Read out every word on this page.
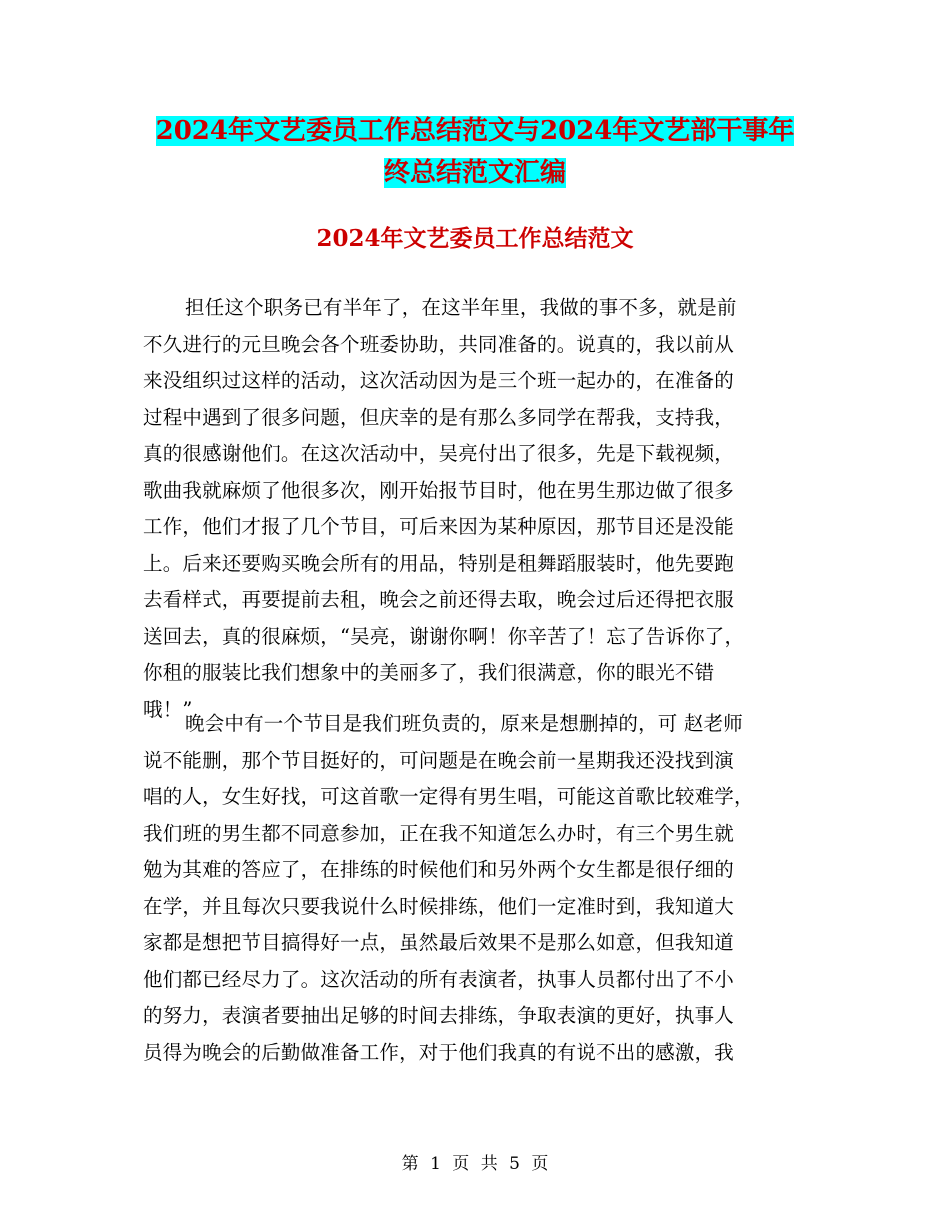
2024年文艺委员工作总结范文与2024年文艺部干事年
终总结范文汇编
2024年文艺委员工作总结范文
担任这个职务已有半年了，在这半年里，我做的事不多，就是前
不久进行的元旦晚会各个班委协助，共同准备的。说真的，我以前从
来没组织过这样的活动，这次活动因为是三个班一起办的，在准备的
过程中遇到了很多问题，但庆幸的是有那么多同学在帮我，支持我，
真的很感谢他们。在这次活动中，吴亮付出了很多，先是下载视频，
歌曲我就麻烦了他很多次，刚开始报节目时，他在男生那边做了很多
工作，他们才报了几个节目，可后来因为某种原因，那节目还是没能
上。后来还要购买晚会所有的用品，特别是租舞蹈服装时，他先要跑
去看样式，再要提前去租，晚会之前还得去取，晚会过后还得把衣服
送回去，真的很麻烦，“吴亮，谢谢你啊！你辛苦了！忘了告诉你了，
你租的服装比我们想象中的美丽多了，我们很满意，你的眼光不错
哦！”
晚会中有一个节目是我们班负责的，原来是想删掉的，可 赵老师
说不能删，那个节目挺好的，可问题是在晚会前一星期我还没找到演
唱的人，女生好找，可这首歌一定得有男生唱，可能这首歌比较难学，
我们班的男生都不同意参加，正在我不知道怎么办时，有三个男生就
勉为其难的答应了，在排练的时候他们和另外两个女生都是很仔细的
在学，并且每次只要我说什么时候排练，他们一定准时到，我知道大
家都是想把节目搞得好一点，虽然最后效果不是那么如意，但我知道
他们都已经尽力了。这次活动的所有表演者，执事人员都付出了不小
的努力，表演者要抽出足够的时间去排练，争取表演的更好，执事人
员得为晚会的后勤做准备工作，对于他们我真的有说不出的感激，我
第 1 页 共 5 页
